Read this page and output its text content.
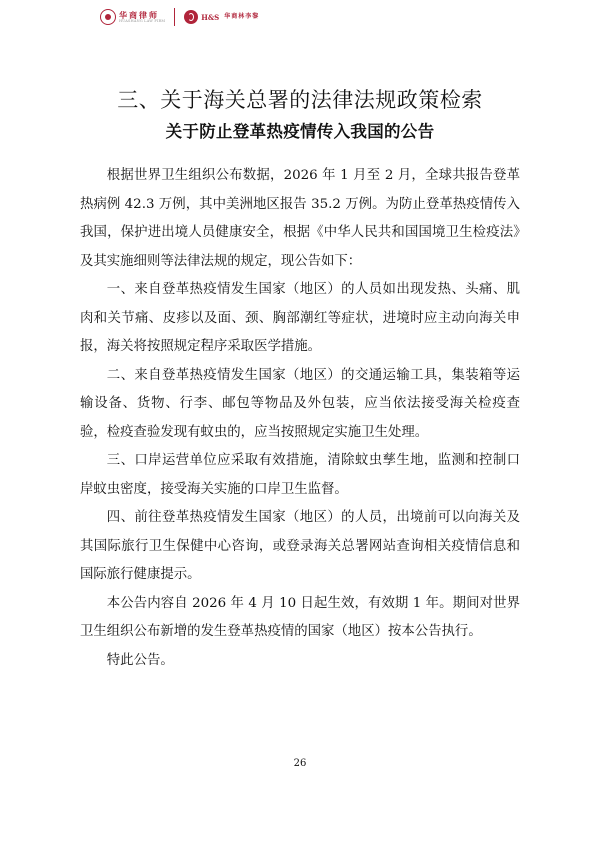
华商律师
HUASHANG LAW FIRM	H&S 华商林李黎
三、关于海关总署的法律法规政策检索
关于防止登革热疫情传入我国的公告

根据世界卫生组织公布数据，2026 年 1 月至 2 月，全球共报告登革热病例 42.3 万例，其中美洲地区报告 35.2 万例。为防止登革热疫情传入我国，保护进出境人员健康安全，根据《中华人民共和国国境卫生检疫法》及其实施细则等法律法规的规定，现公告如下：

一、来自登革热疫情发生国家（地区）的人员如出现发热、头痛、肌肉和关节痛、皮疹以及面、颈、胸部潮红等症状，进境时应主动向海关申报，海关将按照规定程序采取医学措施。

二、来自登革热疫情发生国家（地区）的交通运输工具，集装箱等运输设备、货物、行李、邮包等物品及外包装，应当依法接受海关检疫查验，检疫查验发现有蚊虫的，应当按照规定实施卫生处理。

三、口岸运营单位应采取有效措施，清除蚊虫孳生地，监测和控制口岸蚊虫密度，接受海关实施的口岸卫生监督。

四、前往登革热疫情发生国家（地区）的人员，出境前可以向海关及其国际旅行卫生保健中心咨询，或登录海关总署网站查询相关疫情信息和国际旅行健康提示。

本公告内容自 2026 年 4 月 10 日起生效，有效期 1 年。期间对世界卫生组织公布新增的发生登革热疫情的国家（地区）按本公告执行。

特此公告。

26
